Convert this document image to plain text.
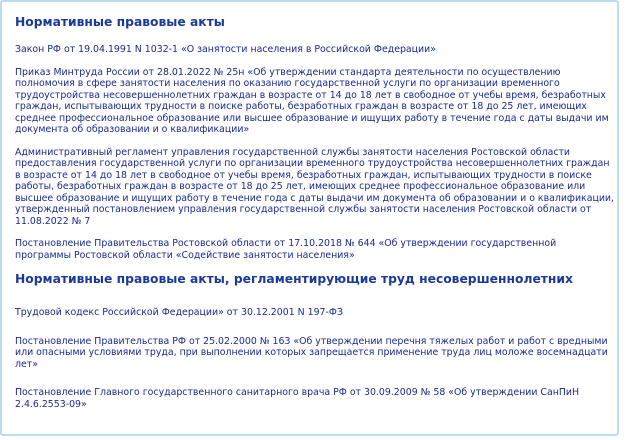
Нормативные правовые акты

Закон РФ от 19.04.1991 N 1032-1 «О занятости населения в Российской Федерации»

Приказ Минтруда России от 28.01.2022 № 25н «Об утверждении стандарта деятельности по осуществлению полномочия в сфере занятости населения по оказанию государственной услуги по организации временного трудоустройства несовершеннолетних граждан в возрасте от 14 до 18 лет в свободное от учебы время, безработных граждан, испытывающих трудности в поиске работы, безработных граждан в возрасте от 18 до 25 лет, имеющих среднее профессиональное образование или высшее образование и ищущих работу в течение года с даты выдачи им документа об образовании и о квалификации»

Административный регламент управления государственной службы занятости населения Ростовской области предоставления государственной услуги по организации временного трудоустройства несовершеннолетних граждан в возрасте от 14 до 18 лет в свободное от учебы время, безработных граждан, испытывающих трудности в поиске работы, безработных граждан в возрасте от 18 до 25 лет, имеющих среднее профессиональное образование или высшее образование и ищущих работу в течение года с даты выдачи им документа об образовании и о квалификации, утвержденный постановлением управления государственной службы занятости населения Ростовской области от 11.08.2022 № 7

Постановление Правительства Ростовской области от 17.10.2018 № 644 «Об утверждении государственной программы Ростовской области «Содействие занятости населения»

Нормативные правовые акты, регламентирующие труд несовершеннолетних

Трудовой кодекс Российской Федерации» от 30.12.2001 N 197-ФЗ

Постановление Правительства РФ от 25.02.2000 № 163 «Об утверждении перечня тяжелых работ и работ с вредными или опасными условиями труда, при выполнении которых запрещается применение труда лиц моложе восемнадцати лет»

Постановление Главного государственного санитарного врача РФ от 30.09.2009 № 58 «Об утверждении СанПиН 2.4.6.2553-09»
